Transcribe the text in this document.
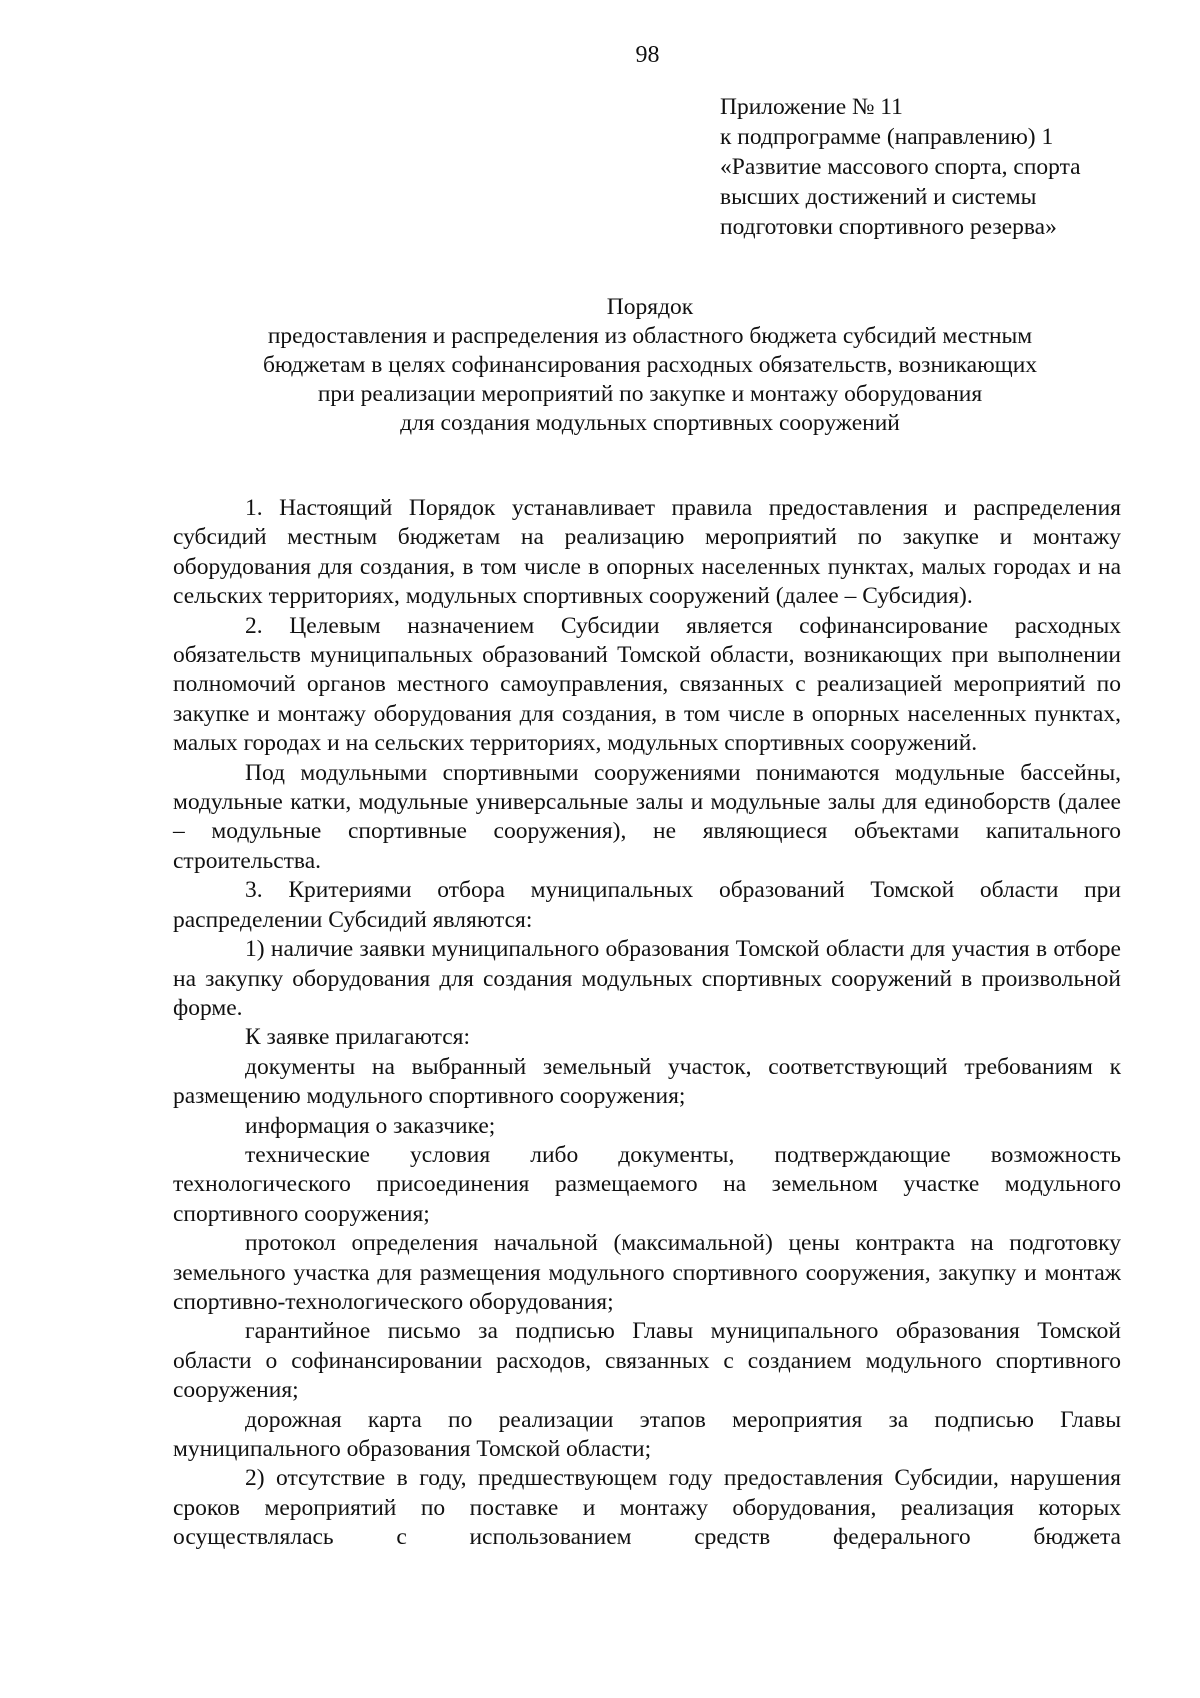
98
Приложение № 11
к подпрограмме (направлению) 1
«Развитие массового спорта, спорта
высших достижений и системы
подготовки спортивного резерва»
Порядок
предоставления и распределения из областного бюджета субсидий местным
бюджетам в целях софинансирования расходных обязательств, возникающих
при реализации мероприятий по закупке и монтажу оборудования
для создания модульных спортивных сооружений

1. Настоящий Порядок устанавливает правила предоставления и распределения субсидий местным бюджетам на реализацию мероприятий по закупке и монтажу оборудования для создания, в том числе в опорных населенных пунктах, малых городах и на сельских территориях, модульных спортивных сооружений (далее – Субсидия).

2. Целевым назначением Субсидии является софинансирование расходных обязательств муниципальных образований Томской области, возникающих при выполнении полномочий органов местного самоуправления, связанных с реализацией мероприятий по закупке и монтажу оборудования для создания, в том числе в опорных населенных пунктах, малых городах и на сельских территориях, модульных спортивных сооружений.

Под модульными спортивными сооружениями понимаются модульные бассейны, модульные катки, модульные универсальные залы и модульные залы для единоборств (далее – модульные спортивные сооружения), не являющиеся объектами капитального строительства.

3. Критериями отбора муниципальных образований Томской области при распределении Субсидий являются:

1) наличие заявки муниципального образования Томской области для участия в отборе на закупку оборудования для создания модульных спортивных сооружений в произвольной форме.

К заявке прилагаются:

документы на выбранный земельный участок, соответствующий требованиям к размещению модульного спортивного сооружения;

информация о заказчике;

технические условия либо документы, подтверждающие возможность технологического присоединения размещаемого на земельном участке модульного спортивного сооружения;

протокол определения начальной (максимальной) цены контракта на подготовку земельного участка для размещения модульного спортивного сооружения, закупку и монтаж спортивно-технологического оборудования;

гарантийное письмо за подписью Главы муниципального образования Томской области о софинансировании расходов, связанных с созданием модульного спортивного сооружения;

дорожная карта по реализации этапов мероприятия за подписью Главы муниципального образования Томской области;

2) отсутствие в году, предшествующем году предоставления Субсидии, нарушения сроков мероприятий по поставке и монтажу оборудования, реализация которых осуществлялась с использованием средств федерального бюджета
